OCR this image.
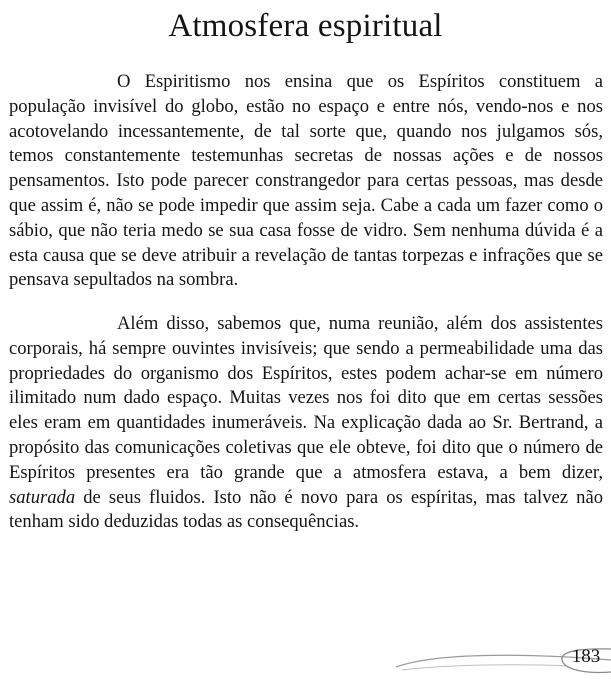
Atmosfera espiritual

O Espiritismo nos ensina que os Espíritos constituem a população invisível do globo, estão no espaço e entre nós, vendo-nos e nos acotovelando incessantemente, de tal sorte que, quando nos julgamos sós, temos constantemente testemunhas secretas de nossas ações e de nossos pensamentos. Isto pode parecer constrangedor para certas pessoas, mas desde que assim é, não se pode impedir que assim seja. Cabe a cada um fazer como o sábio, que não teria medo se sua casa fosse de vidro. Sem nenhuma dúvida é a esta causa que se deve atribuir a revelação de tantas torpezas e infrações que se pensava sepultados na sombra.

Além disso, sabemos que, numa reunião, além dos assistentes corporais, há sempre ouvintes invisíveis; que sendo a permeabilidade uma das propriedades do organismo dos Espíritos, estes podem achar-se em número ilimitado num dado espaço. Muitas vezes nos foi dito que em certas sessões eles eram em quantidades inumeráveis. Na explicação dada ao Sr. Bertrand, a propósito das comunicações coletivas que ele obteve, foi dito que o número de Espíritos presentes era tão grande que a atmosfera estava, a bem dizer, saturada de seus fluidos. Isto não é novo para os espíritas, mas talvez não tenham sido deduzidas todas as consequências.

183
